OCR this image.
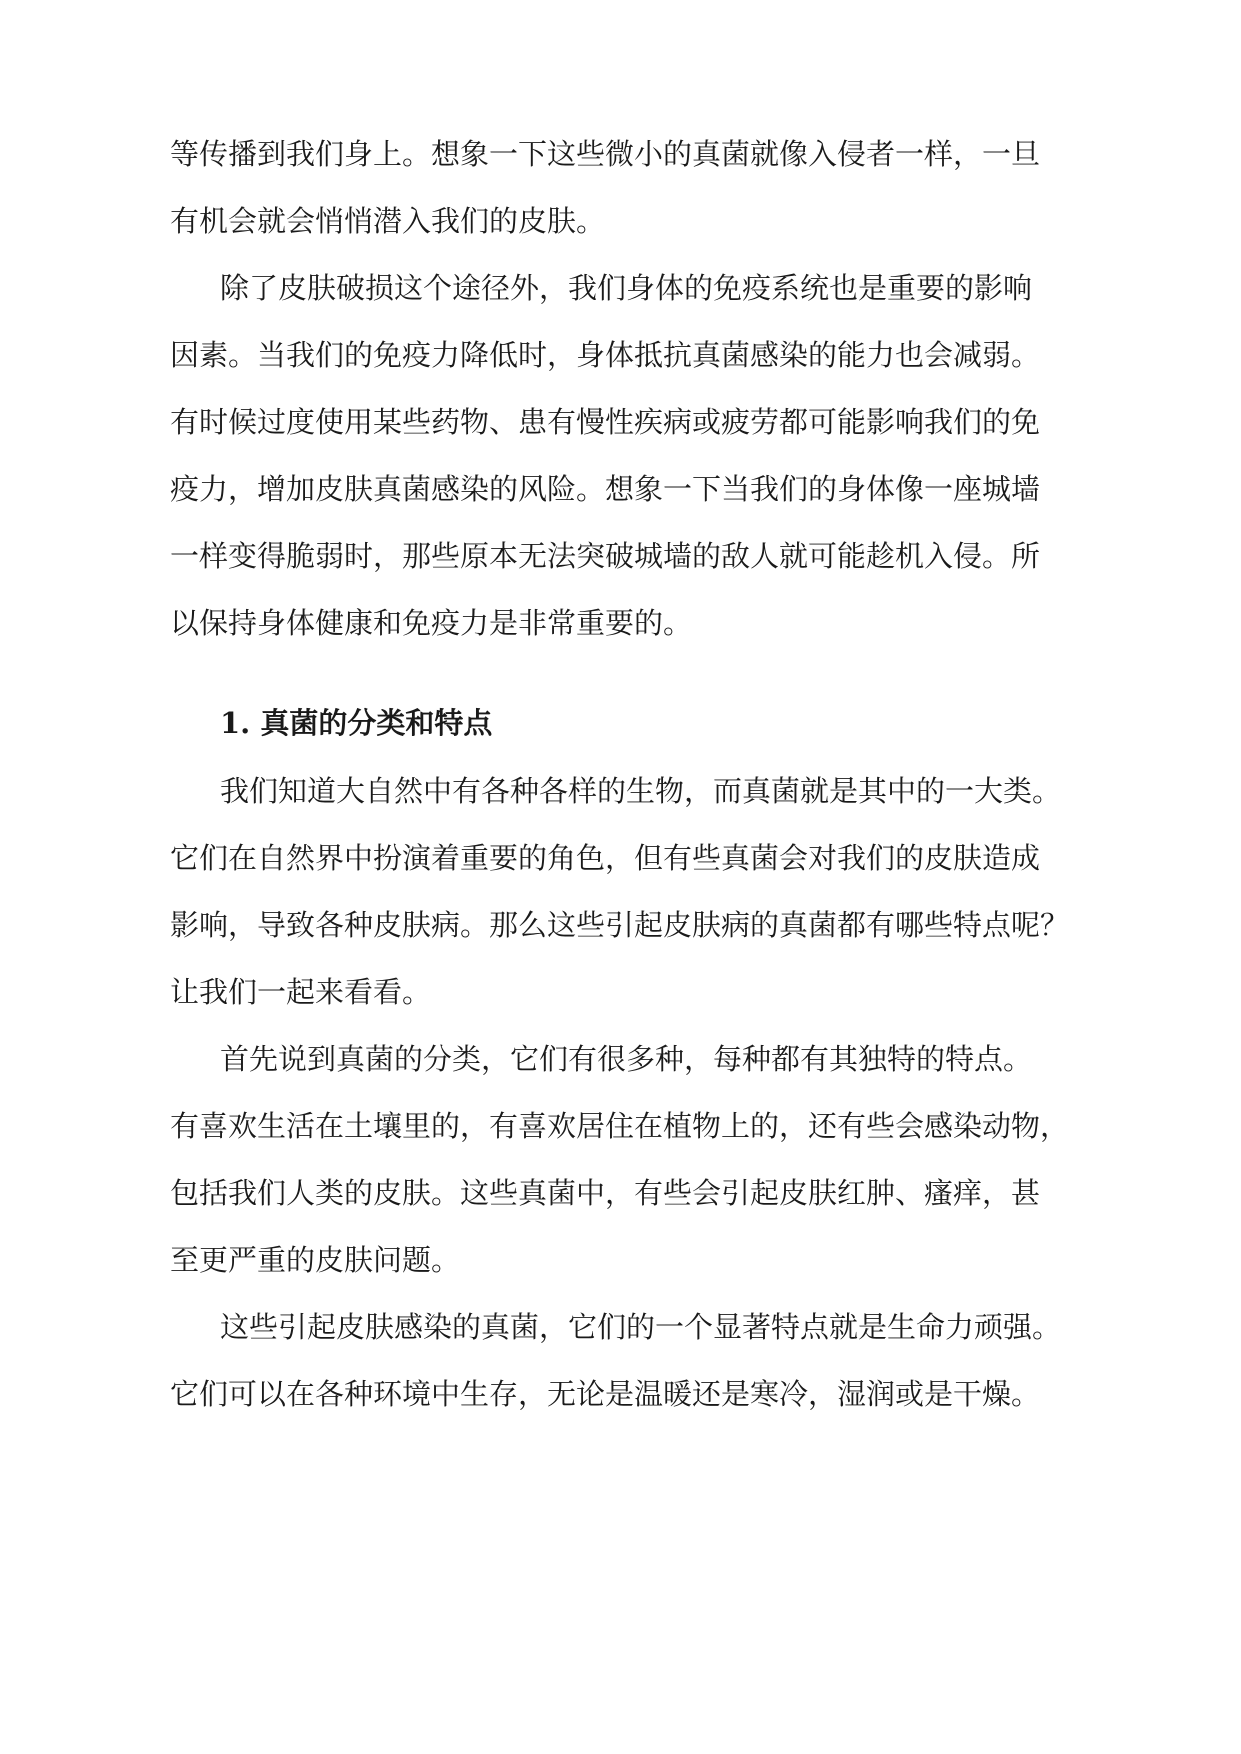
等传播到我们身上。想象一下这些微小的真菌就像入侵者一样，一旦
有机会就会悄悄潜入我们的皮肤。
除了皮肤破损这个途径外，我们身体的免疫系统也是重要的影响
因素。当我们的免疫力降低时，身体抵抗真菌感染的能力也会减弱。
有时候过度使用某些药物、患有慢性疾病或疲劳都可能影响我们的免
疫力，增加皮肤真菌感染的风险。想象一下当我们的身体像一座城墙
一样变得脆弱时，那些原本无法突破城墙的敌人就可能趁机入侵。所
以保持身体健康和免疫力是非常重要的。
1. 真菌的分类和特点
我们知道大自然中有各种各样的生物，而真菌就是其中的一大类。
它们在自然界中扮演着重要的角色，但有些真菌会对我们的皮肤造成
影响，导致各种皮肤病。那么这些引起皮肤病的真菌都有哪些特点呢？
让我们一起来看看。
首先说到真菌的分类，它们有很多种，每种都有其独特的特点。
有喜欢生活在土壤里的，有喜欢居住在植物上的，还有些会感染动物，
包括我们人类的皮肤。这些真菌中，有些会引起皮肤红肿、瘙痒，甚
至更严重的皮肤问题。
这些引起皮肤感染的真菌，它们的一个显著特点就是生命力顽强。
它们可以在各种环境中生存，无论是温暖还是寒冷，湿润或是干燥。
